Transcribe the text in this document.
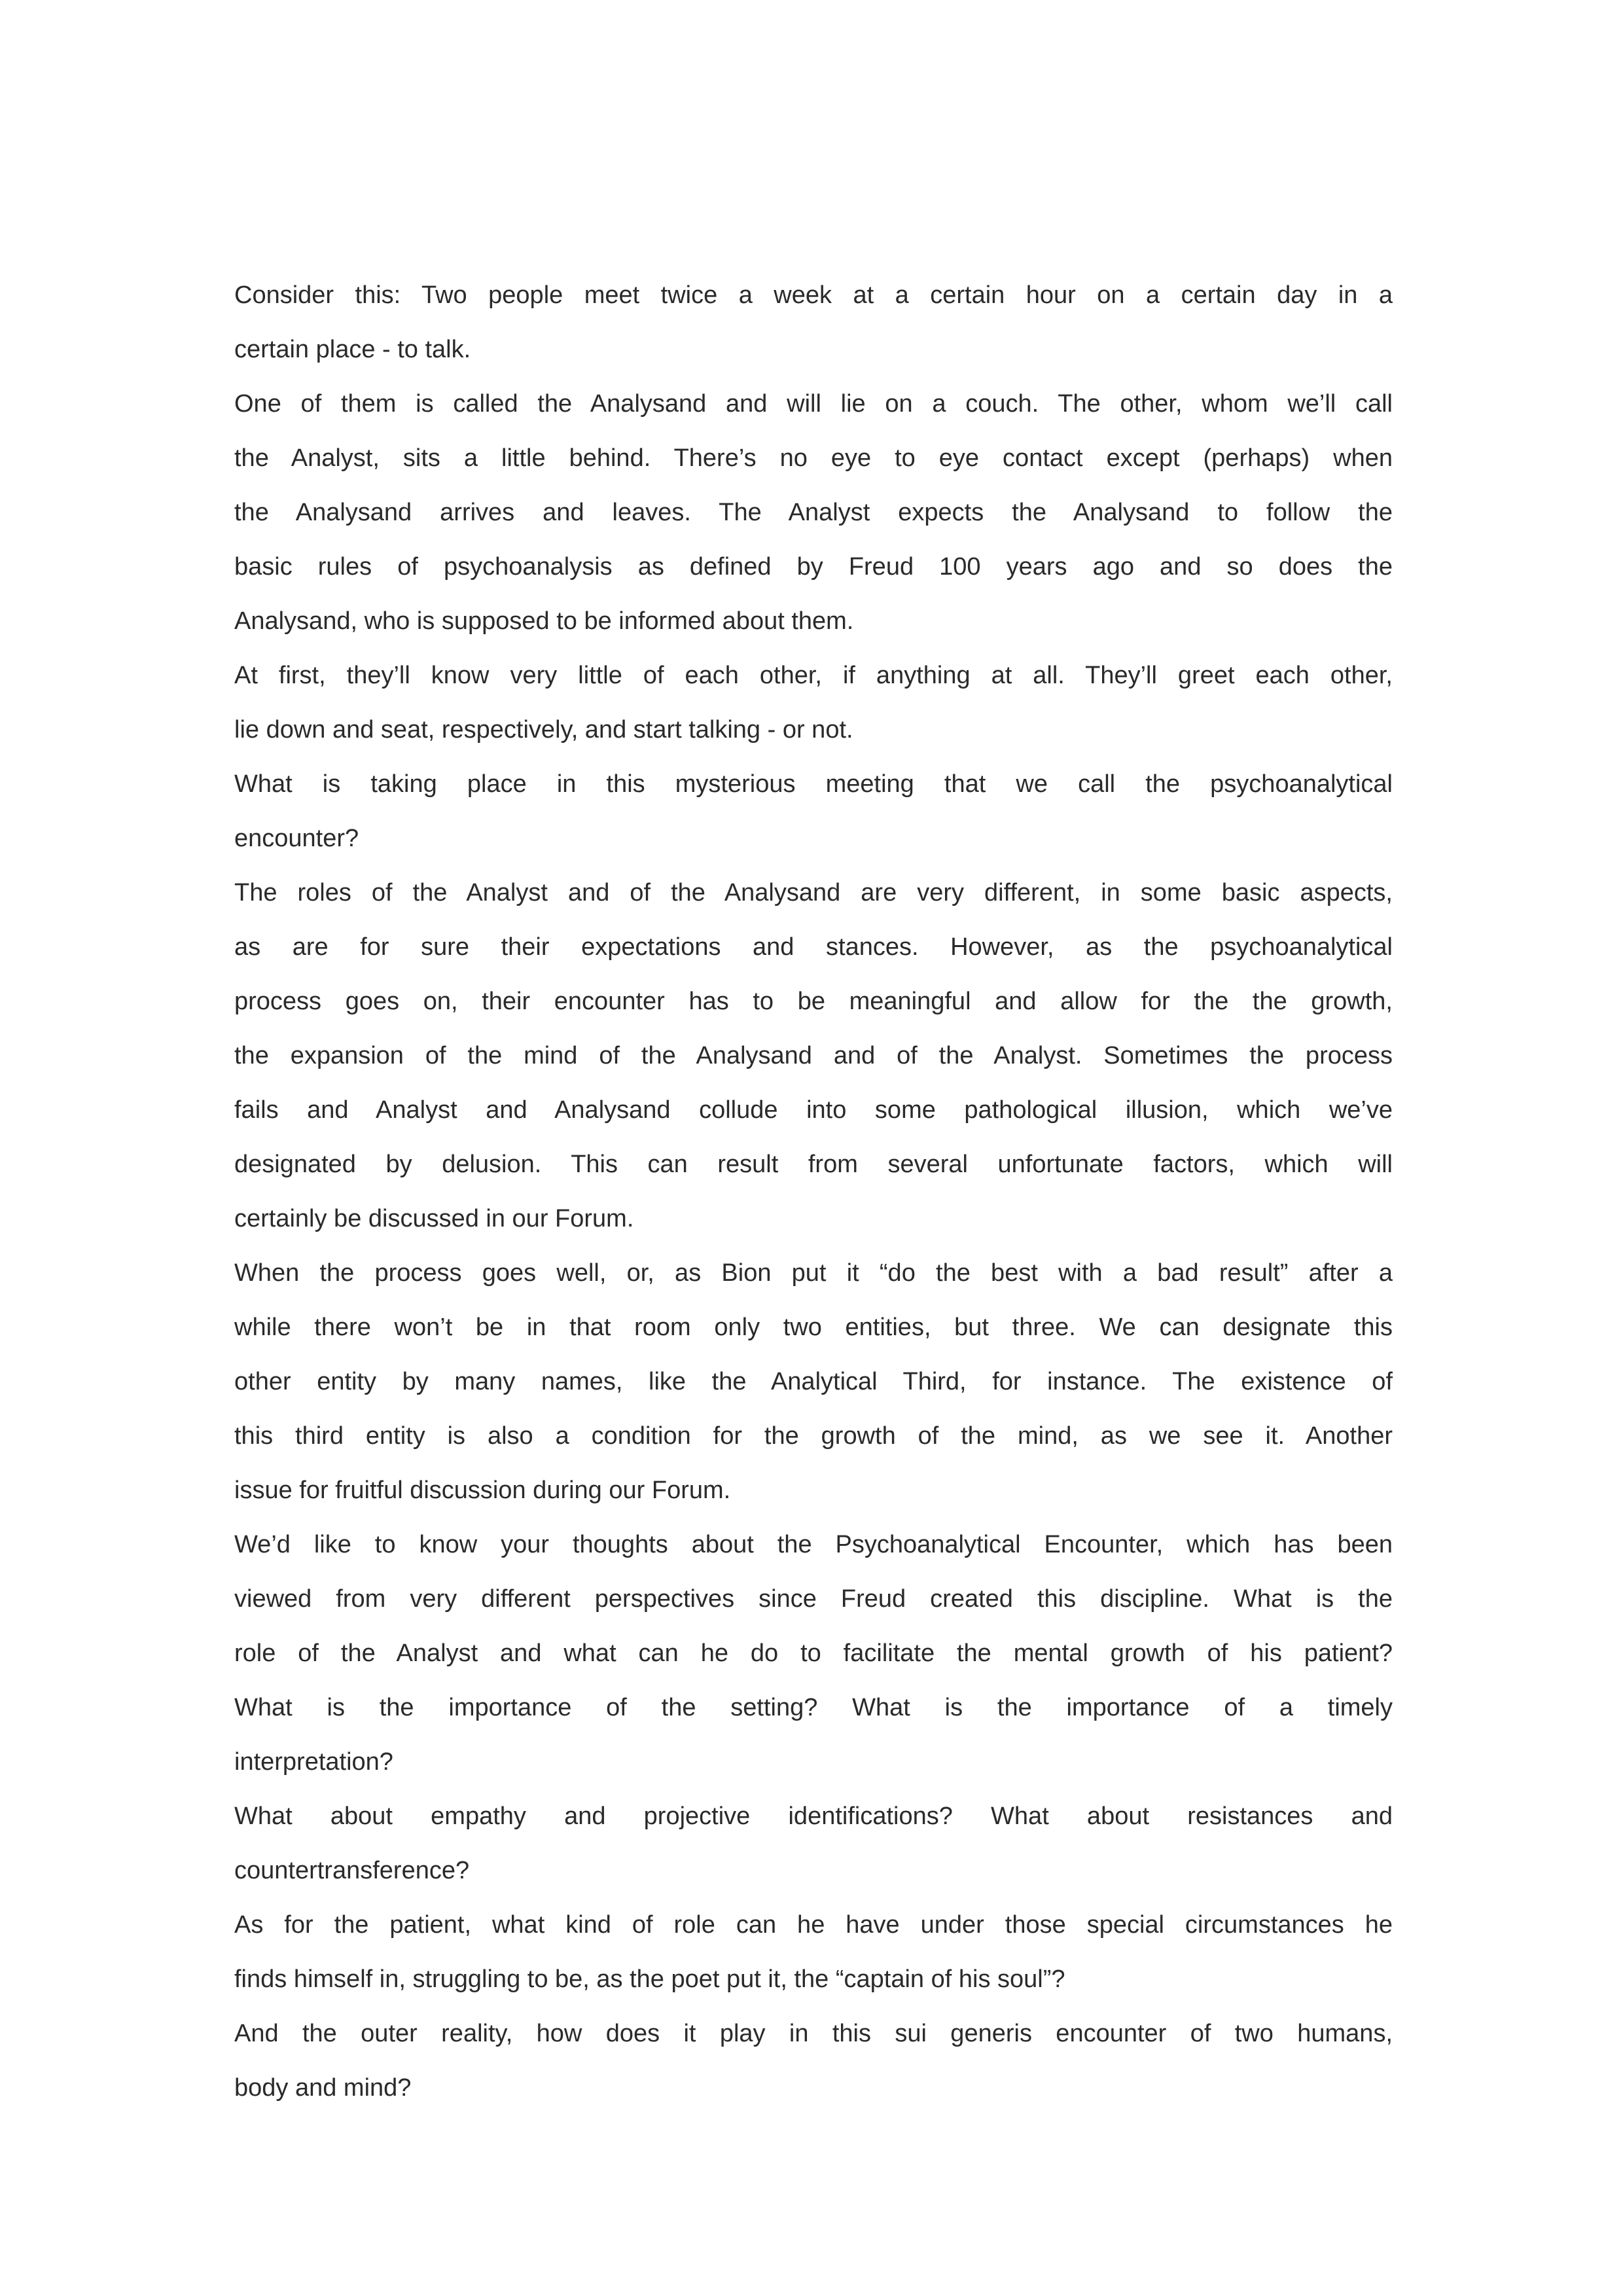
Consider this: Two people meet twice a week at a certain hour on a certain day in a
certain place - to talk.
One of them is called the Analysand and will lie on a couch. The other, whom we’ll call
the Analyst, sits a little behind. There’s no eye to eye contact except (perhaps) when
the Analysand arrives and leaves. The Analyst expects the Analysand to follow the
basic rules of psychoanalysis as defined by Freud 100 years ago and so does the
Analysand, who is supposed to be informed about them.
At first, they’ll know very little of each other, if anything at all. They’ll greet each other,
lie down and seat, respectively, and start talking - or not.
What is taking place in this mysterious meeting that we call the psychoanalytical
encounter?
The roles of the Analyst and of the Analysand are very different, in some basic aspects,
as are for sure their expectations and stances. However, as the psychoanalytical
process goes on, their encounter has to be meaningful and allow for the the growth,
the expansion of the mind of the Analysand and of the Analyst. Sometimes the process
fails and Analyst and Analysand collude into some pathological illusion, which we’ve
designated by delusion. This can result from several unfortunate factors, which will
certainly be discussed in our Forum.
When the process goes well, or, as Bion put it “do the best with a bad result” after a
while there won’t be in that room only two entities, but three. We can designate this
other entity by many names, like the Analytical Third, for instance. The existence of
this third entity is also a condition for the growth of the mind, as we see it. Another
issue for fruitful discussion during our Forum.
We’d like to know your thoughts about the Psychoanalytical Encounter, which has been
viewed from very different perspectives since Freud created this discipline. What is the
role of the Analyst and what can he do to facilitate the mental growth of his patient?
What is the importance of the setting? What is the importance of a timely
interpretation?
What about empathy and projective identifications? What about resistances and
countertransference?
As for the patient, what kind of role can he have under those special circumstances he
finds himself in, struggling to be, as the poet put it, the “captain of his soul”?
And the outer reality, how does it play in this sui generis encounter of two humans,
body and mind?
